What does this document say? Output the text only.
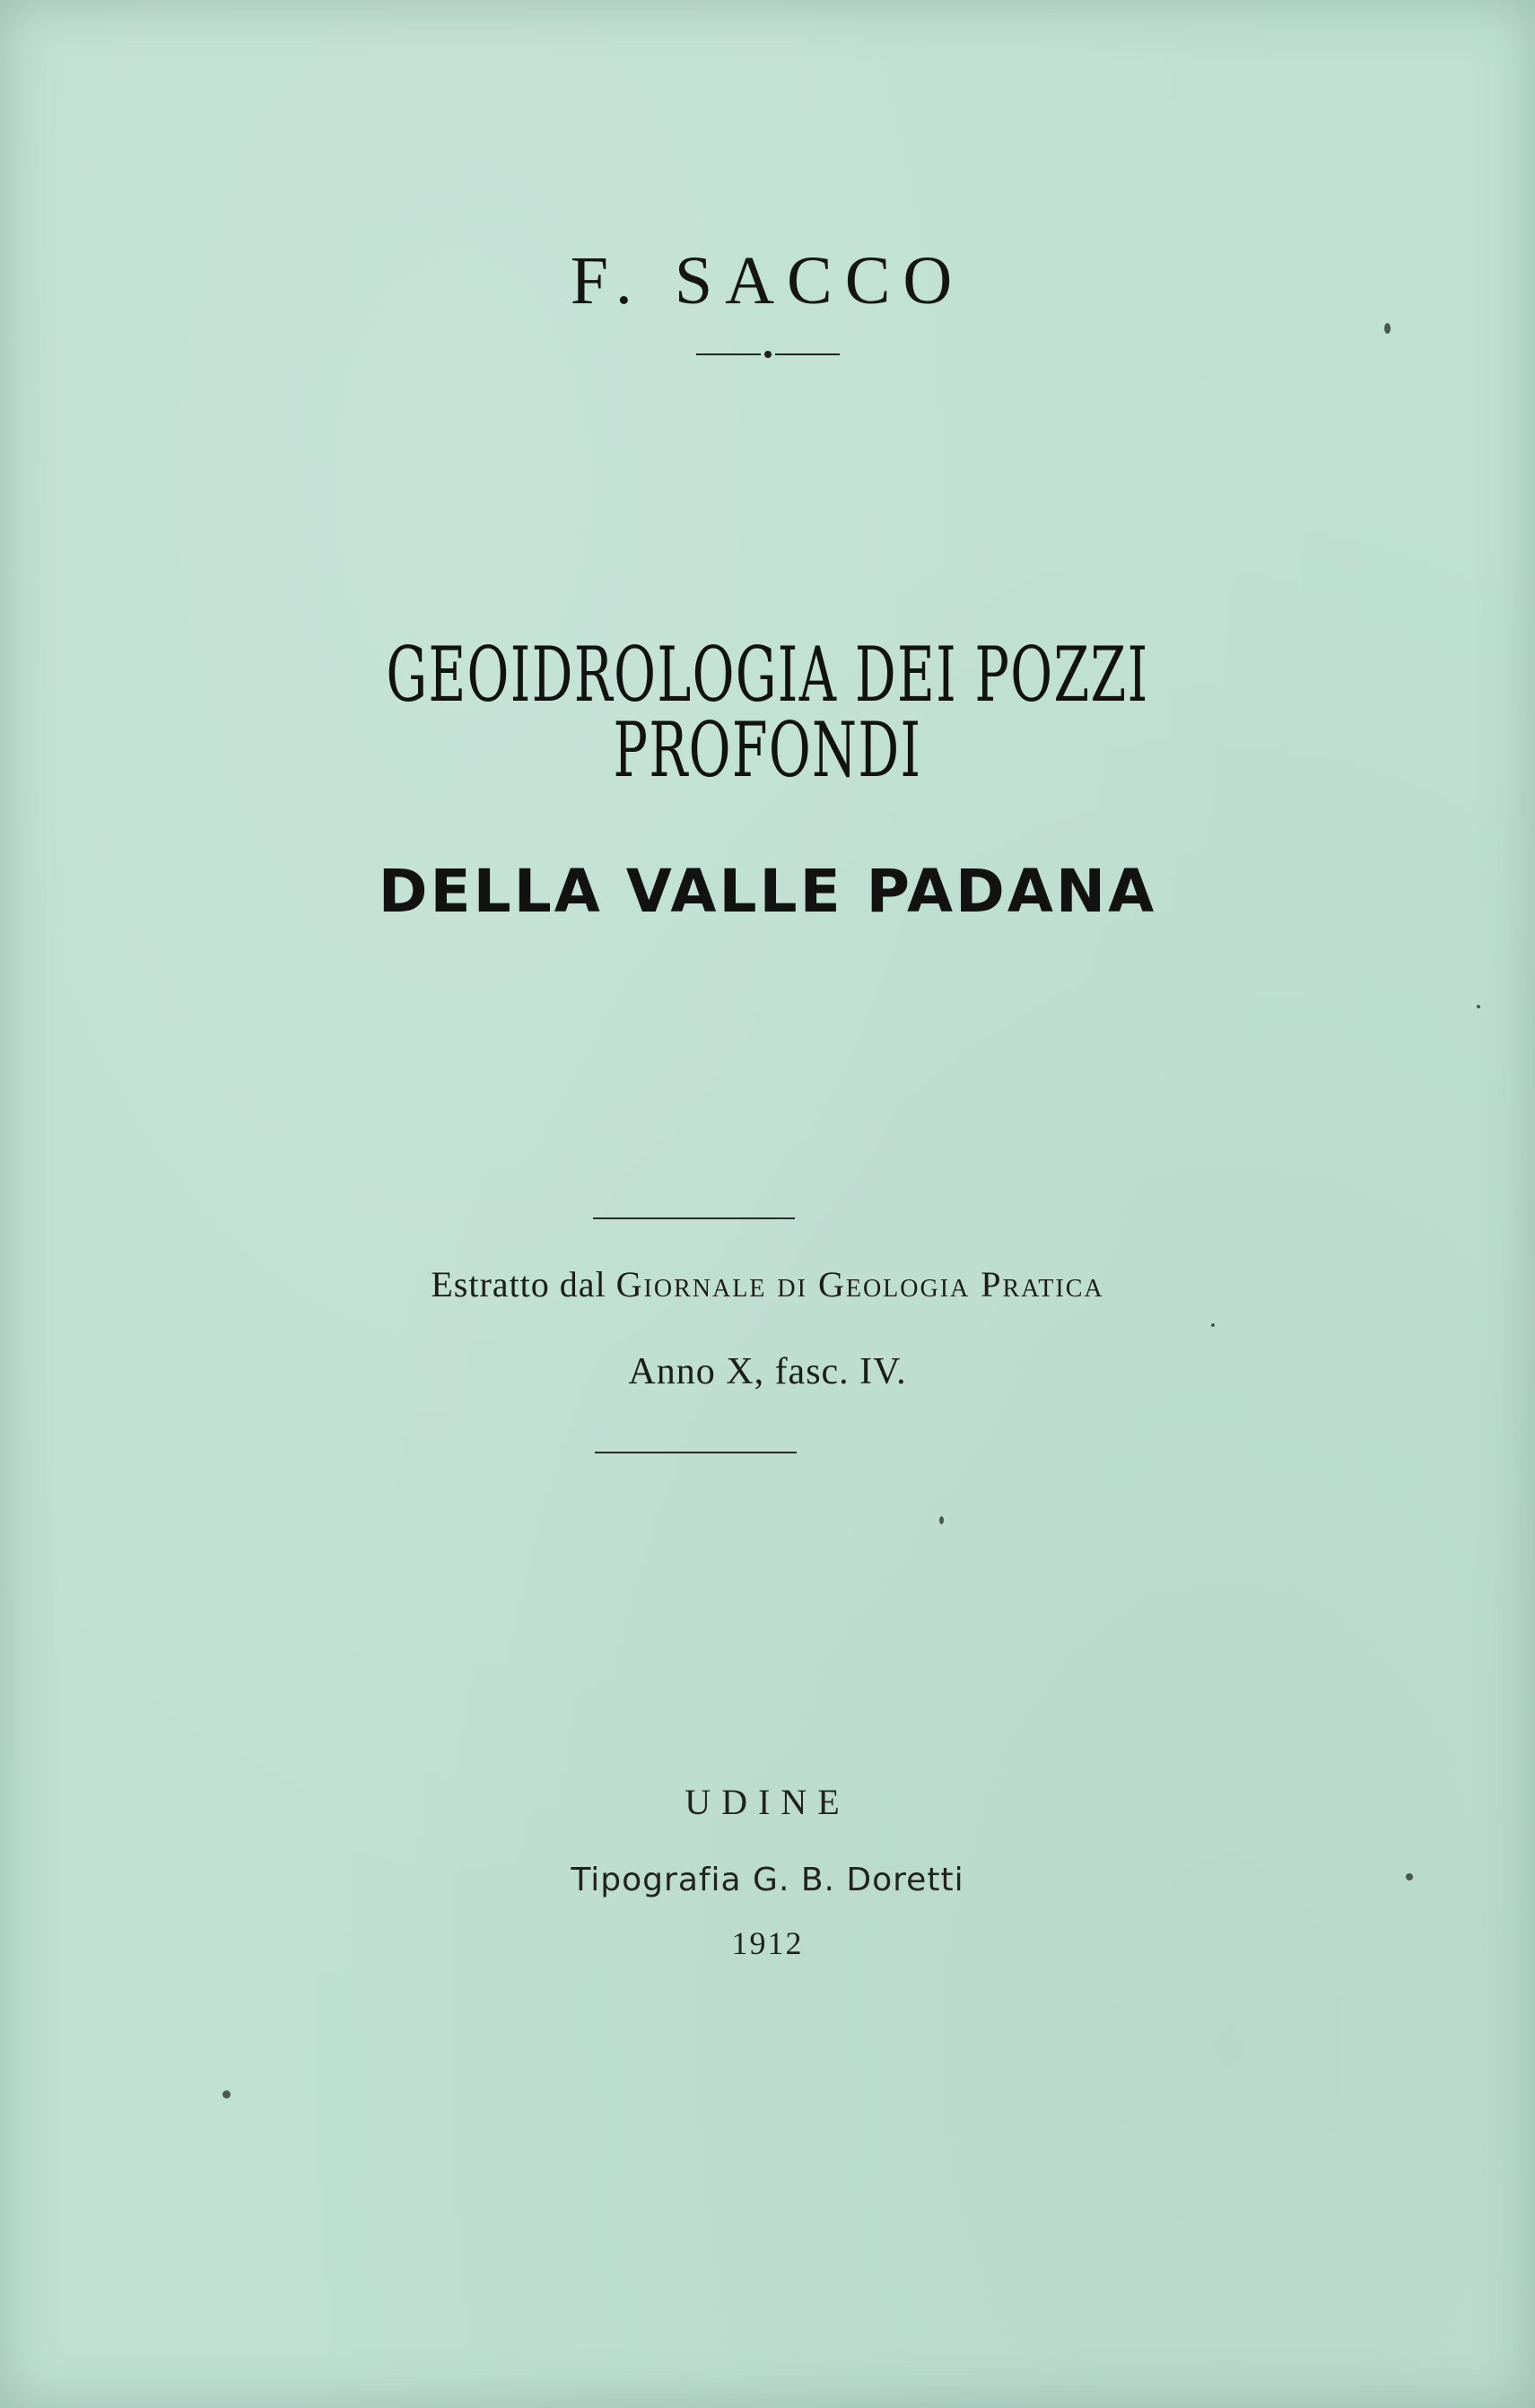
F. SACCO
GEOIDROLOGIA DEI POZZI PROFONDI
DELLA VALLE PADANA
Estratto dal Giornale di Geologia Pratica
Anno X, fasc. IV.
UDINE
Tipografia G. B. Doretti
1912
